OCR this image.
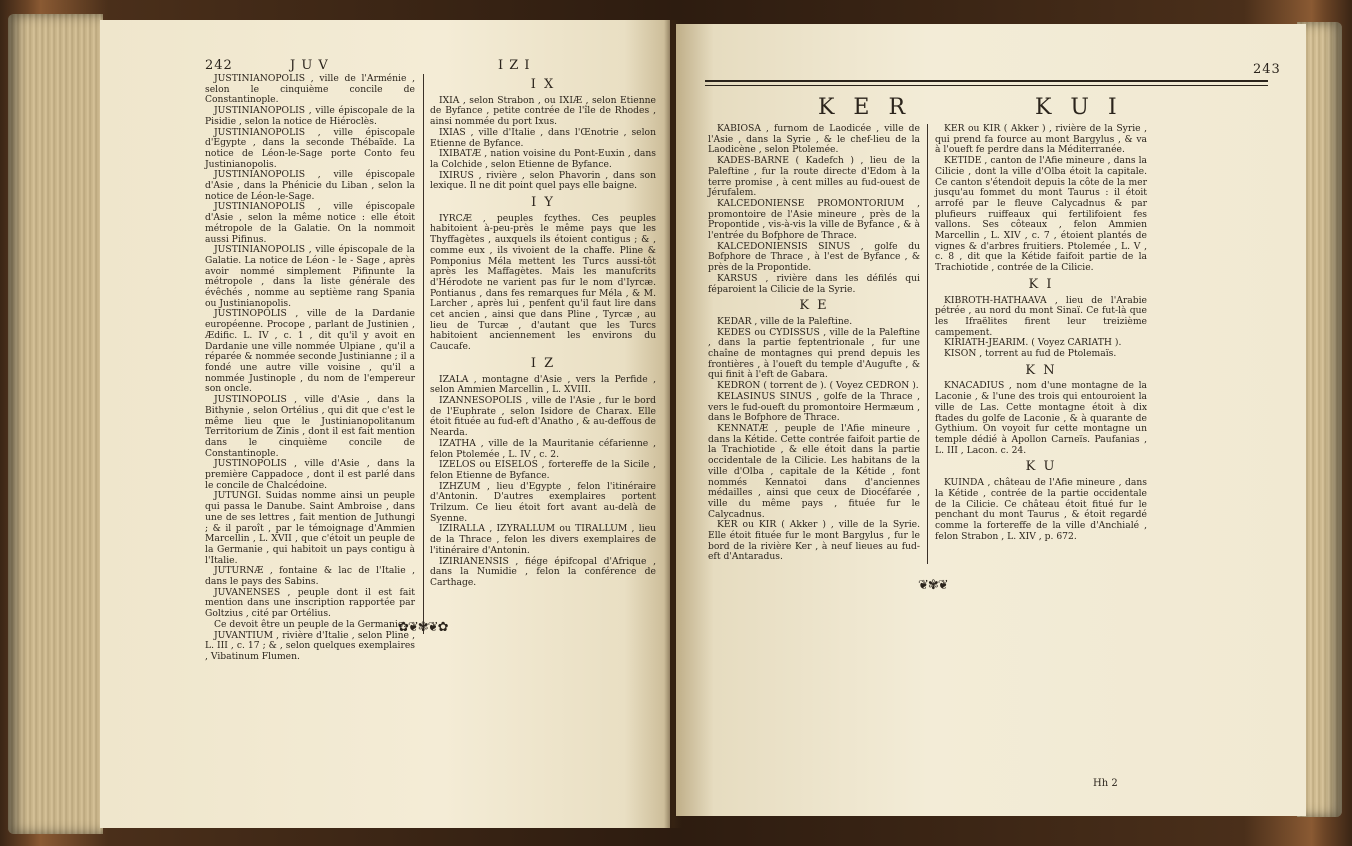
242	J U V	I Z I

JUSTINIANOPOLIS , ville de l'Arménie , selon le cinquième concile de Constantinople.

JUSTINIANOPOLIS , ville épiscopale de la Pisidie , selon la notice de Hiéroclès.

JUSTINIANOPOLIS , ville épiscopale d'Egypte , dans la seconde Thébaïde. La notice de Léon-le-Sage porte Conto feu Justinianopolis.

JUSTINIANOPOLIS , ville épiscopale d'Asie , dans la Phénicie du Liban , selon la notice de Léon-le-Sage.

JUSTINIANOPOLIS , ville épiscopale d'Asie , selon la même notice : elle étoit métropole de la Galatie. On la nommoit aussi Pifinus.

JUSTINIANOPOLIS , ville épiscopale de la Galatie. La notice de Léon - le - Sage , après avoir nommé simplement Pifinunte la métropole , dans la liste générale des évêchés , nomme au septième rang Spania ou Justinianopolis.

JUSTINOPOLIS , ville de la Dardanie européenne. Procope , parlant de Justinien , Ædific. L. IV , c. 1 , dit qu'il y avoit en Dardanie une ville nommée Ulpiane , qu'il a réparée & nommée seconde Justinianne ; il a fondé une autre ville voisine , qu'il a nommée Justinople , du nom de l'empereur son oncle.

JUSTINOPOLIS , ville d'Asie , dans la Bithynie , selon Ortélius , qui dit que c'est le même lieu que le Justinianopolitanum Territorium de Zinis , dont il est fait mention dans le cinquième concile de Constantinople.

JUSTINOPOLIS , ville d'Asie , dans la première Cappadoce , dont il est parlé dans le concile de Chalcédoine.

JUTUNGI. Suidas nomme ainsi un peuple qui passa le Danube. Saint Ambroise , dans une de ses lettres , fait mention de Juthungi ; & il paroît , par le témoignage d'Ammien Marcellin , L. XVII , que c'étoit un peuple de la Germanie , qui habitoit un pays contigu à l'Italie.

JUTURNÆ , fontaine & lac de l'Italie , dans le pays des Sabins.

JUVANENSES , peuple dont il est fait mention dans une inscription rapportée par Goltzius , cité par Ortélius.

Ce devoit être un peuple de la Germanie.

JUVANTIUM , rivière d'Italie , selon Pline , L. III , c. 17 ; & , selon quelques exemplaires , Vibatinum Flumen.

I X

IXIA , selon Strabon , ou IXIÆ , selon Etienne de Byfance , petite contrée de l'île de Rhodes , ainsi nommée du port Ixus.

IXIAS , ville d'Italie , dans l'Œnotrie , selon Etienne de Byfance.

IXIBATÆ , nation voisine du Pont-Euxin , dans la Colchide , selon Etienne de Byfance.

IXIRUS , rivière , selon Phavorin , dans son lexique. Il ne dit point quel pays elle baigne.

I Y

IYRCÆ , peuples fcythes. Ces peuples habitoient à-peu-près le même pays que les Thyffagètes , auxquels ils étoient contigus ; & , comme eux , ils vivoient de la chaffe. Pline & Pomponius Méla mettent les Turcs aussi-tôt après les Maffagètes. Mais les manufcrits d'Hérodote ne varient pas fur le nom d'Iyrcæ. Pontianus , dans fes remarques fur Méla , & M. Larcher , après lui , penfent qu'il faut lire dans cet ancien , ainsi que dans Pline , Tyrcæ , au lieu de Turcæ , d'autant que les Turcs habitoient anciennement les environs du Caucafe.

I Z

IZALA , montagne d'Asie , vers la Perfide , selon Ammien Marcellin , L. XVIII.

IZANNESOPOLIS , ville de l'Asie , fur le bord de l'Euphrate , selon Isidore de Charax. Elle étoit fituée au fud-eft d'Anatho , & au-deffous de Nearda.

IZATHA , ville de la Mauritanie céfarienne , felon Ptolemée , L. IV , c. 2.

IZELOS ou EISELOS , fortereffe de la Sicile , felon Etienne de Byfance.

IZHZUM , lieu d'Egypte , felon l'itinéraire d'Antonin. D'autres exemplaires portent Trilzum. Ce lieu étoit fort avant au-delà de Syenne.

IZIRALLA , IZYRALLUM ou TIRALLUM , lieu de la Thrace , felon les divers exemplaires de l'itinéraire d'Antonin.

IZIRIANENSIS , fiége épifcopal d'Afrique , dans la Numidie , felon la conférence de Carthage.

✿❦✾❦✿
243
K E R	K U I

KABIOSA , furnom de Laodicée , ville de l'Asie , dans la Syrie , & le chef-lieu de la Laodicène , selon Ptolemée.

KADES-BARNE ( Kadefch ) , lieu de la Paleftine , fur la route directe d'Edom à la terre promise , à cent milles au fud-ouest de Jérufalem.

KALCEDONIENSE PROMONTORIUM , promontoire de l'Asie mineure , près de la Propontide , vis-à-vis la ville de Byfance , & à l'entrée du Bofphore de Thrace.

KALCEDONIENSIS SINUS , golfe du Bofphore de Thrace , à l'est de Byfance , & près de la Propontide.

KARSUS , rivière dans les défilés qui féparoient la Cilicie de la Syrie.

K E

KEDAR , ville de la Paleftine.

KEDES ou CYDISSUS , ville de la Paleftine , dans la partie feptentrionale , fur une chaîne de montagnes qui prend depuis les frontières , à l'oueft du temple d'Augufte , & qui finit à l'eft de Gabara.

KEDRON ( torrent de ). ( Voyez CEDRON ).

KELASINUS SINUS , golfe de la Thrace , vers le fud-oueft du promontoire Hermæum , dans le Bofphore de Thrace.

KENNATÆ , peuple de l'Afie mineure , dans la Kétide. Cette contrée faifoit partie de la Trachiotide , & elle étoit dans la partie occidentale de la Cilicie. Les habitans de la ville d'Olba , capitale de la Kétide , font nommés Kennatoi dans d'anciennes médailles , ainsi que ceux de Diocéfarée , ville du même pays , fituée fur le Calycadnus.

KER ou KIR ( Akker ) , ville de la Syrie. Elle étoit fituée fur le mont Bargylus , fur le bord de la rivière Ker , à neuf lieues au fud-eft d'Antaradus.

KER ou KIR ( Akker ) , rivière de la Syrie , qui prend fa fource au mont Bargylus , & va à l'oueft fe perdre dans la Méditerranée.

KETIDE , canton de l'Afie mineure , dans la Cilicie , dont la ville d'Olba étoit la capitale. Ce canton s'étendoit depuis la côte de la mer jusqu'au fommet du mont Taurus : il étoit arrofé par le fleuve Calycadnus & par plufieurs ruiffeaux qui fertilifoient fes vallons. Ses côteaux , felon Ammien Marcellin , L. XIV , c. 7 , étoient plantés de vignes & d'arbres fruitiers. Ptolemée , L. V , c. 8 , dit que la Kétide faifoit partie de la Trachiotide , contrée de la Cilicie.

K I

KIBROTH-HATHAAVA , lieu de l'Arabie pétrée , au nord du mont Sinaï. Ce fut-là que les Ifraëlites firent leur treizième campement.

KIRIATH-JEARIM. ( Voyez CARIATH ).

KISON , torrent au fud de Ptolemaïs.

K N

KNACADIUS , nom d'une montagne de la Laconie , & l'une des trois qui entouroient la ville de Las. Cette montagne étoit à dix ftades du golfe de Laconie , & à quarante de Gythium. On voyoit fur cette montagne un temple dédié à Apollon Carneïs. Paufanias , L. III , Lacon. c. 24.

K U

KUINDA , château de l'Afie mineure , dans la Kétide , contrée de la partie occidentale de la Cilicie. Ce château étoit fitué fur le penchant du mont Taurus , & étoit regardé comme la fortereffe de la ville d'Anchialé , felon Strabon , L. XIV , p. 672.

❦✾❦
Hh 2
